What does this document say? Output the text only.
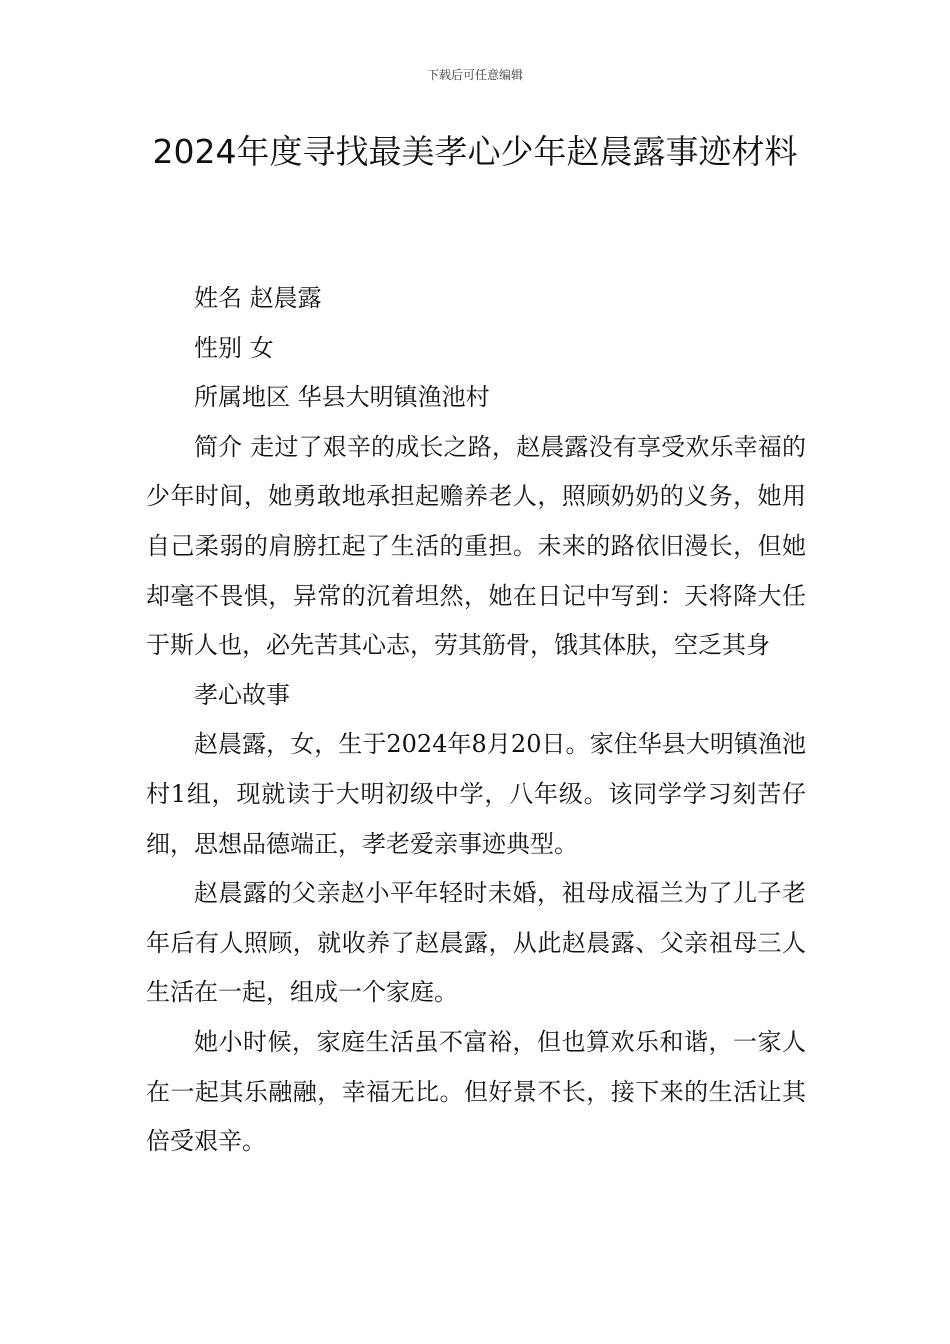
下载后可任意编辑
2024年度寻找最美孝心少年赵晨露事迹材料

姓名 赵晨露

性别 女

所属地区 华县大明镇渔池村

简介 走过了艰辛的成长之路，赵晨露没有享受欢乐幸福的少年时间，她勇敢地承担起赡养老人，照顾奶奶的义务，她用自己柔弱的肩膀扛起了生活的重担。未来的路依旧漫长，但她却毫不畏惧，异常的沉着坦然，她在日记中写到：天将降大任于斯人也，必先苦其心志，劳其筋骨，饿其体肤，空乏其身

孝心故事

赵晨露，女，生于2024年8月20日。家住华县大明镇渔池村1组，现就读于大明初级中学，八年级。该同学学习刻苦仔细，思想品德端正，孝老爱亲事迹典型。

赵晨露的父亲赵小平年轻时未婚，祖母成福兰为了儿子老年后有人照顾，就收养了赵晨露，从此赵晨露、父亲祖母三人生活在一起，组成一个家庭。

她小时候，家庭生活虽不富裕，但也算欢乐和谐，一家人在一起其乐融融，幸福无比。但好景不长，接下来的生活让其倍受艰辛。
